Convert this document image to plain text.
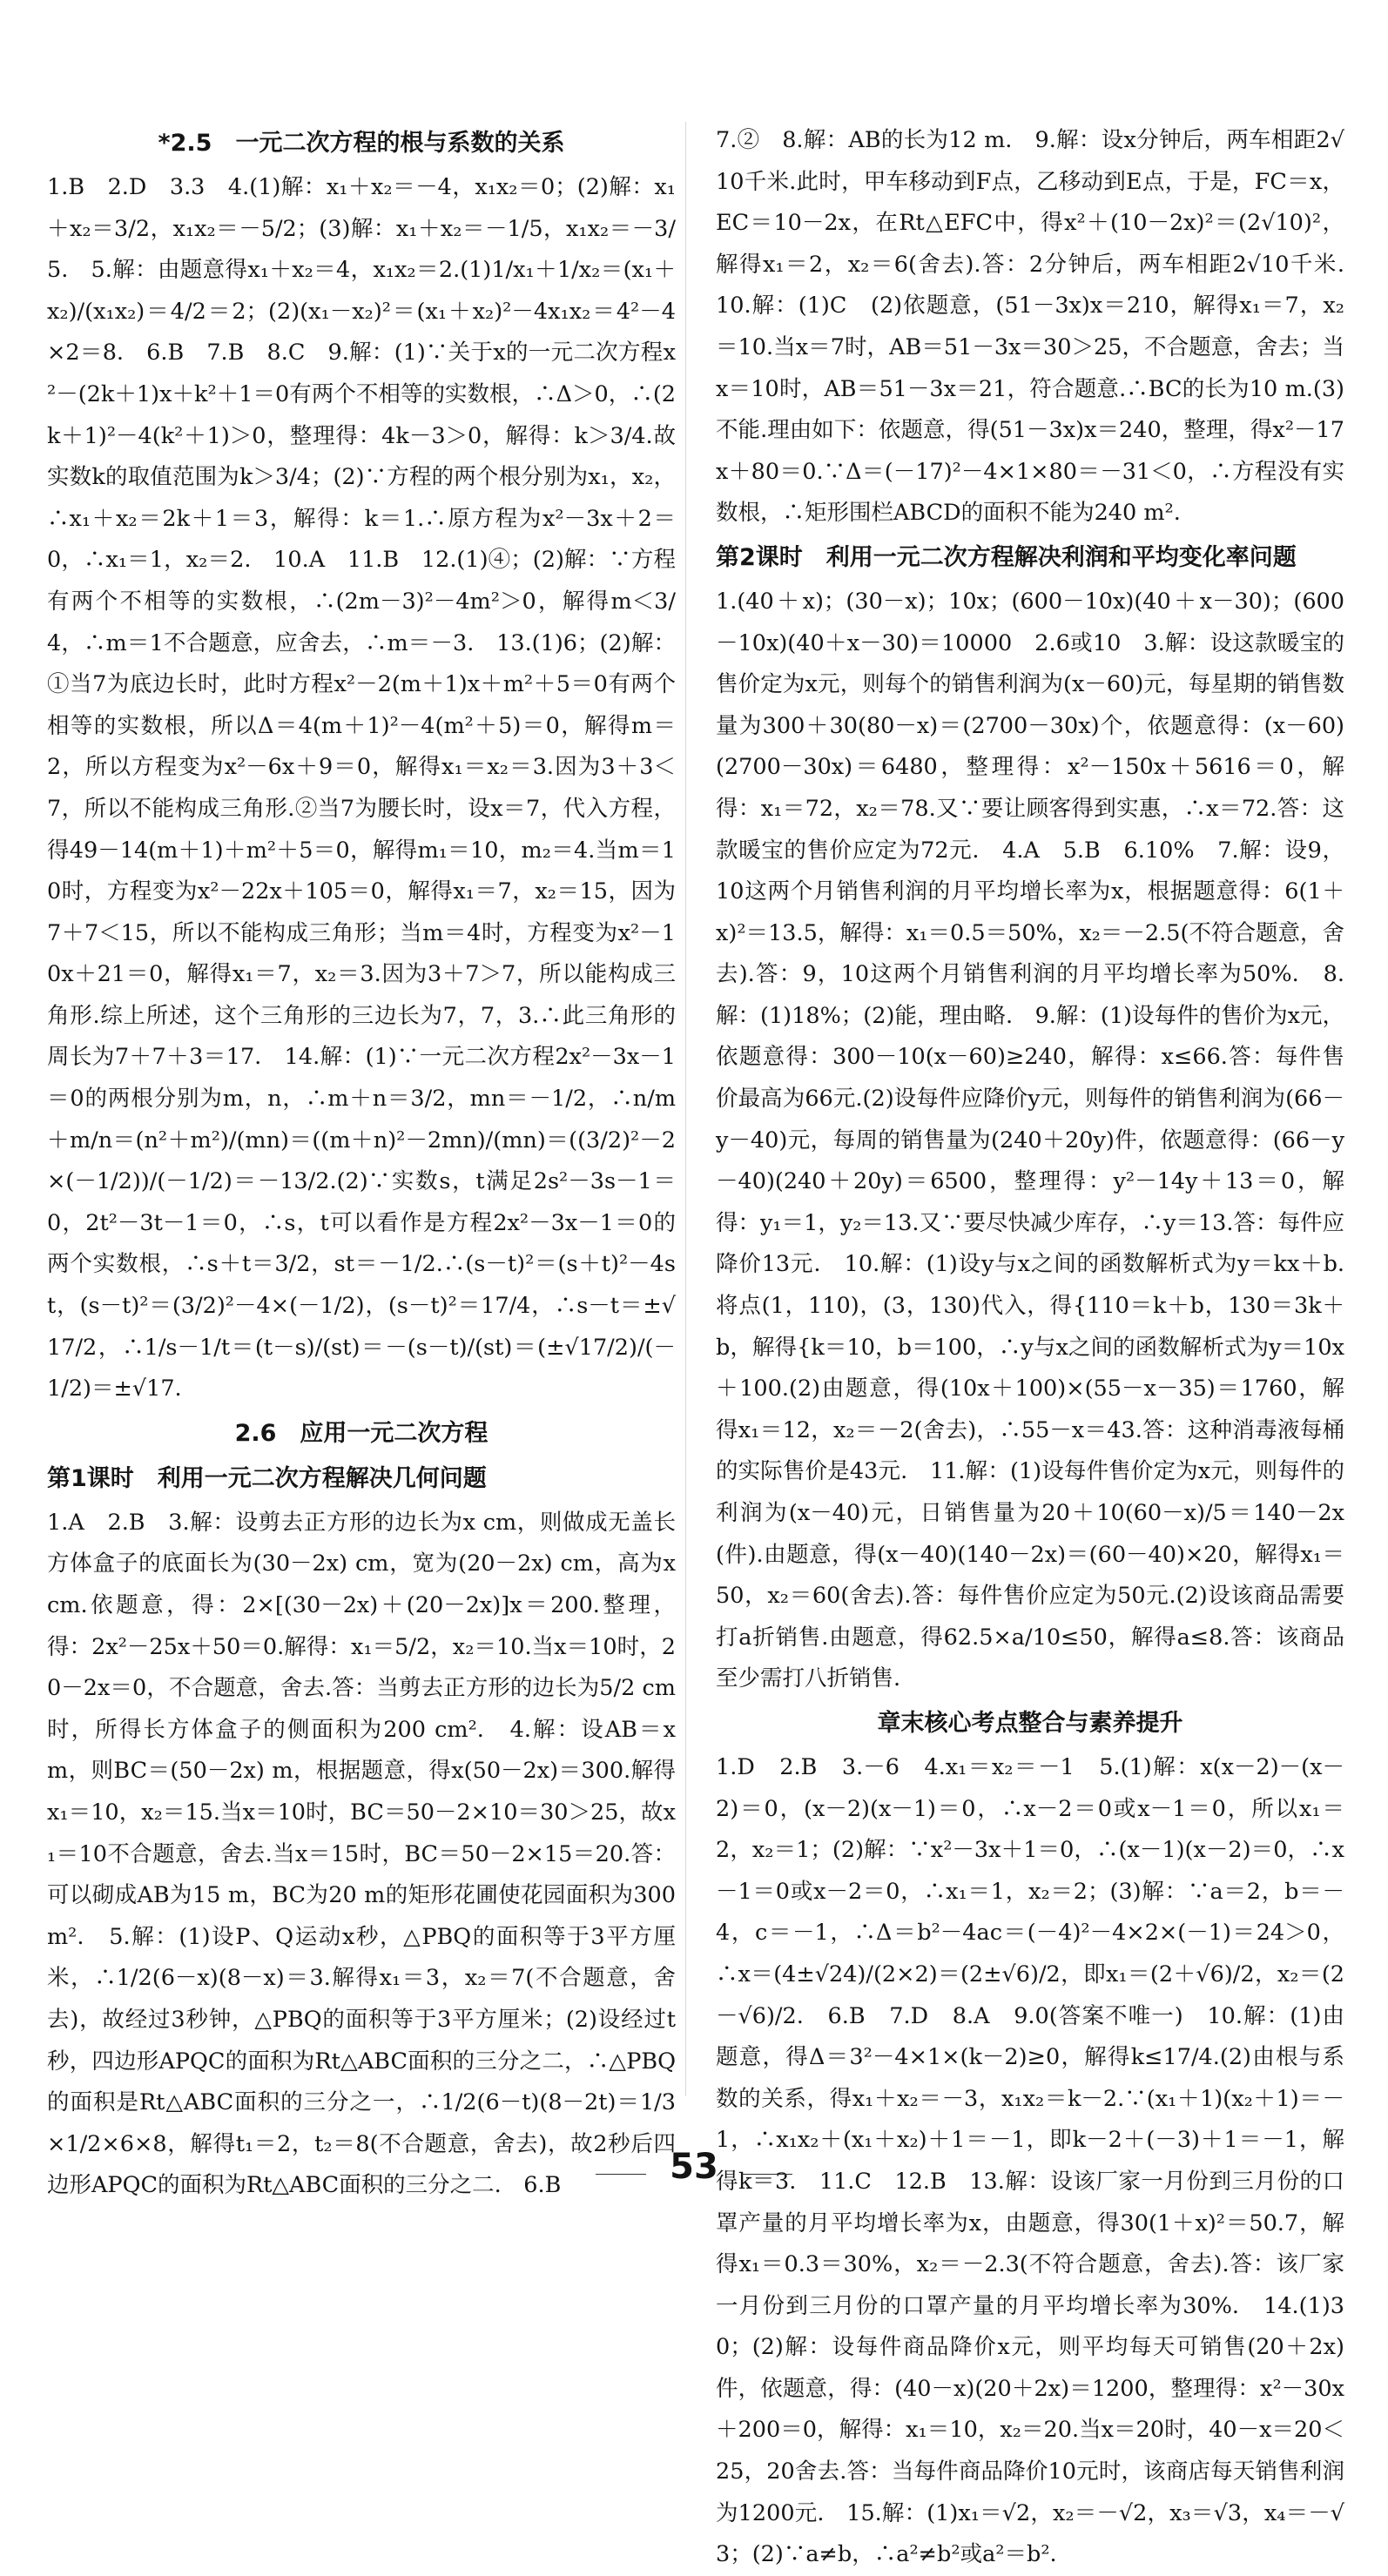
*2.5　一元二次方程的根与系数的关系

1.B　2.D　3.3　4.(1)解：x₁＋x₂＝－4，x₁x₂＝0；(2)解：x₁＋x₂＝3/2，x₁x₂＝－5/2；(3)解：x₁＋x₂＝－1/5，x₁x₂＝－3/5.　5.解：由题意得x₁＋x₂＝4，x₁x₂＝2.(1)1/x₁＋1/x₂＝(x₁＋x₂)/(x₁x₂)＝4/2＝2；(2)(x₁－x₂)²＝(x₁＋x₂)²－4x₁x₂＝4²－4×2＝8.　6.B　7.B　8.C　9.解：(1)∵关于x的一元二次方程x²－(2k＋1)x＋k²＋1＝0有两个不相等的实数根，∴Δ＞0，∴(2k＋1)²－4(k²＋1)＞0，整理得：4k－3＞0，解得：k＞3/4.故实数k的取值范围为k＞3/4；(2)∵方程的两个根分别为x₁，x₂，∴x₁＋x₂＝2k＋1＝3，解得：k＝1.∴原方程为x²－3x＋2＝0，∴x₁＝1，x₂＝2.　10.A　11.B　12.(1)④；(2)解：∵方程有两个不相等的实数根，∴(2m－3)²－4m²＞0，解得m＜3/4，∴m＝1不合题意，应舍去，∴m＝－3.　13.(1)6；(2)解：①当7为底边长时，此时方程x²－2(m＋1)x＋m²＋5＝0有两个相等的实数根，所以Δ＝4(m＋1)²－4(m²＋5)＝0，解得m＝2，所以方程变为x²－6x＋9＝0，解得x₁＝x₂＝3.因为3＋3＜7，所以不能构成三角形.②当7为腰长时，设x＝7，代入方程，得49－14(m＋1)＋m²＋5＝0，解得m₁＝10，m₂＝4.当m＝10时，方程变为x²－22x＋105＝0，解得x₁＝7，x₂＝15，因为7＋7＜15，所以不能构成三角形；当m＝4时，方程变为x²－10x＋21＝0，解得x₁＝7，x₂＝3.因为3＋7＞7，所以能构成三角形.综上所述，这个三角形的三边长为7，7，3.∴此三角形的周长为7＋7＋3＝17.　14.解：(1)∵一元二次方程2x²－3x－1＝0的两根分别为m，n，∴m＋n＝3/2，mn＝－1/2，∴n/m＋m/n＝(n²＋m²)/(mn)＝((m＋n)²－2mn)/(mn)＝((3/2)²－2×(－1/2))/(－1/2)＝－13/2.(2)∵实数s，t满足2s²－3s－1＝0，2t²－3t－1＝0，∴s，t可以看作是方程2x²－3x－1＝0的两个实数根，∴s＋t＝3/2，st＝－1/2.∴(s－t)²＝(s＋t)²－4st，(s－t)²＝(3/2)²－4×(－1/2)，(s－t)²＝17/4，∴s－t＝±√17/2，∴1/s－1/t＝(t－s)/(st)＝－(s－t)/(st)＝(±√17/2)/(－1/2)＝±√17.

2.6　应用一元二次方程
第1课时　利用一元二次方程解决几何问题

1.A　2.B　3.解：设剪去正方形的边长为x cm，则做成无盖长方体盒子的底面长为(30－2x) cm，宽为(20－2x) cm，高为x cm.依题意，得：2×[(30－2x)＋(20－2x)]x＝200.整理，得：2x²－25x＋50＝0.解得：x₁＝5/2，x₂＝10.当x＝10时，20－2x＝0，不合题意，舍去.答：当剪去正方形的边长为5/2 cm时，所得长方体盒子的侧面积为200 cm².　4.解：设AB＝x m，则BC＝(50－2x) m，根据题意，得x(50－2x)＝300.解得x₁＝10，x₂＝15.当x＝10时，BC＝50－2×10＝30＞25，故x₁＝10不合题意，舍去.当x＝15时，BC＝50－2×15＝20.答：可以砌成AB为15 m，BC为20 m的矩形花圃使花园面积为300 m².　5.解：(1)设P、Q运动x秒，△PBQ的面积等于3平方厘米，∴1/2(6－x)(8－x)＝3.解得x₁＝3，x₂＝7(不合题意，舍去)，故经过3秒钟，△PBQ的面积等于3平方厘米；(2)设经过t秒，四边形APQC的面积为Rt△ABC面积的三分之二，∴△PBQ的面积是Rt△ABC面积的三分之一，∴1/2(6－t)(8－2t)＝1/3×1/2×6×8，解得t₁＝2，t₂＝8(不合题意，舍去)，故2秒后四边形APQC的面积为Rt△ABC面积的三分之二.　6.B

7.②　8.解：AB的长为12 m.　9.解：设x分钟后，两车相距2√10千米.此时，甲车移动到F点，乙移动到E点，于是，FC＝x，EC＝10－2x，在Rt△EFC中，得x²＋(10－2x)²＝(2√10)²，解得x₁＝2，x₂＝6(舍去).答：2分钟后，两车相距2√10千米.　10.解：(1)C　(2)依题意，(51－3x)x＝210，解得x₁＝7，x₂＝10.当x＝7时，AB＝51－3x＝30＞25，不合题意，舍去；当x＝10时，AB＝51－3x＝21，符合题意.∴BC的长为10 m.(3)不能.理由如下：依题意，得(51－3x)x＝240，整理，得x²－17x＋80＝0.∵Δ＝(－17)²－4×1×80＝－31＜0，∴方程没有实数根，∴矩形围栏ABCD的面积不能为240 m².

第2课时　利用一元二次方程解决利润和平均变化率问题

1.(40＋x)；(30－x)；10x；(600－10x)(40＋x－30)；(600－10x)(40＋x－30)＝10000　2.6或10　3.解：设这款暖宝的售价定为x元，则每个的销售利润为(x－60)元，每星期的销售数量为300＋30(80－x)＝(2700－30x)个，依题意得：(x－60)(2700－30x)＝6480，整理得：x²－150x＋5616＝0，解得：x₁＝72，x₂＝78.又∵要让顾客得到实惠，∴x＝72.答：这款暖宝的售价应定为72元.　4.A　5.B　6.10%　7.解：设9，10这两个月销售利润的月平均增长率为x，根据题意得：6(1＋x)²＝13.5，解得：x₁＝0.5＝50%，x₂＝－2.5(不符合题意，舍去).答：9，10这两个月销售利润的月平均增长率为50%.　8.解：(1)18%；(2)能，理由略.　9.解：(1)设每件的售价为x元，依题意得：300－10(x－60)≥240，解得：x≤66.答：每件售价最高为66元.(2)设每件应降价y元，则每件的销售利润为(66－y－40)元，每周的销售量为(240＋20y)件，依题意得：(66－y－40)(240＋20y)＝6500，整理得：y²－14y＋13＝0，解得：y₁＝1，y₂＝13.又∵要尽快减少库存，∴y＝13.答：每件应降价13元.　10.解：(1)设y与x之间的函数解析式为y＝kx＋b.将点(1，110)，(3，130)代入，得{110＝k＋b，130＝3k＋b，解得{k＝10，b＝100，∴y与x之间的函数解析式为y＝10x＋100.(2)由题意，得(10x＋100)×(55－x－35)＝1760，解得x₁＝12，x₂＝－2(舍去)，∴55－x＝43.答：这种消毒液每桶的实际售价是43元.　11.解：(1)设每件售价定为x元，则每件的利润为(x－40)元，日销售量为20＋10(60－x)/5＝140－2x(件).由题意，得(x－40)(140－2x)＝(60－40)×20，解得x₁＝50，x₂＝60(舍去).答：每件售价应定为50元.(2)设该商品需要打a折销售.由题意，得62.5×a/10≤50，解得a≤8.答：该商品至少需打八折销售.

章末核心考点整合与素养提升

1.D　2.B　3.－6　4.x₁＝x₂＝－1　5.(1)解：x(x－2)－(x－2)＝0，(x－2)(x－1)＝0，∴x－2＝0或x－1＝0，所以x₁＝2，x₂＝1；(2)解：∵x²－3x＋1＝0，∴(x－1)(x－2)＝0，∴x－1＝0或x－2＝0，∴x₁＝1，x₂＝2；(3)解：∵a＝2，b＝－4，c＝－1，∴Δ＝b²－4ac＝(－4)²－4×2×(－1)＝24＞0，∴x＝(4±√24)/(2×2)＝(2±√6)/2，即x₁＝(2＋√6)/2，x₂＝(2－√6)/2.　6.B　7.D　8.A　9.0(答案不唯一)　10.解：(1)由题意，得Δ＝3²－4×1×(k－2)≥0，解得k≤17/4.(2)由根与系数的关系，得x₁＋x₂＝－3，x₁x₂＝k－2.∵(x₁＋1)(x₂＋1)＝－1，∴x₁x₂＋(x₁＋x₂)＋1＝－1，即k－2＋(－3)＋1＝－1，解得k＝3.　11.C　12.B　13.解：设该厂家一月份到三月份的口罩产量的月平均增长率为x，由题意，得30(1＋x)²＝50.7，解得x₁＝0.3＝30%，x₂＝－2.3(不符合题意，舍去).答：该厂家一月份到三月份的口罩产量的月平均增长率为30%.　14.(1)30；(2)解：设每件商品降价x元，则平均每天可销售(20＋2x)件，依题意，得：(40－x)(20＋2x)＝1200，整理得：x²－30x＋200＝0，解得：x₁＝10，x₂＝20.当x＝20时，40－x＝20＜25，20舍去.答：当每件商品降价10元时，该商店每天销售利润为1200元.　15.解：(1)x₁＝√2，x₂＝－√2，x₃＝√3，x₄＝－√3；(2)∵a≠b，∴a²≠b²或a²＝b².

53
